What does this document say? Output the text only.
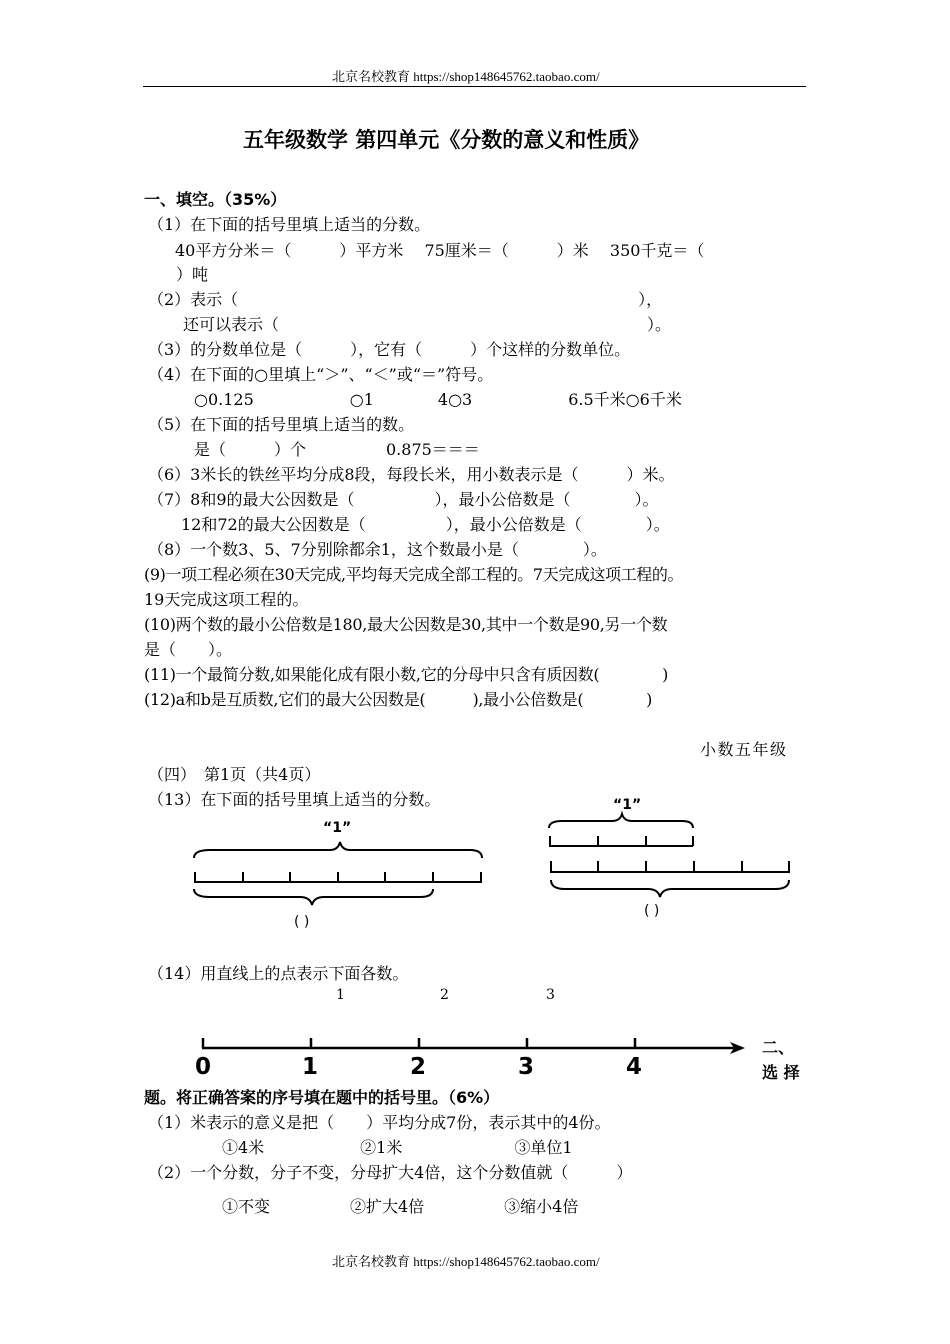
北京名校教育 https://shop148645762.taobao.com/
五年级数学 第四单元《分数的意义和性质》
一、填空。（35%）
（1）在下面的括号里填上适当的分数。
40平方分米＝（　　　）平方米　 75厘米＝（　　　）米　 350千克＝（
）吨
（2）表示（　　　　　　　　　　　　　　　　　　　　　　　　　），
还可以表示（　　　　　　　　　　　　　　　　　　　　　　　）。
（3）的分数单位是（　　　），它有（　　　）个这样的分数单位。
（4）在下面的○里填上“＞”、“＜”或“＝”符号。
○0.125　　　　　　○1　　　　4○3　　　　　　6.5千米○6千米
（5）在下面的括号里填上适当的数。
是（　　　）个　　　　　0.875＝＝＝
（6）3米长的铁丝平均分成8段，每段长米，用小数表示是（　　　）米。
（7）8和9的最大公因数是（　　　　　），最小公倍数是（　　　　）。
12和72的最大公因数是（　　　　　），最小公倍数是（　　　　）。
（8）一个数3、5、7分别除都余1，这个数最小是（　　　　）。
(9)一项工程必须在30天完成,平均每天完成全部工程的。7天完成这项工程的。
19天完成这项工程的。
(10)两个数的最小公倍数是180,最大公因数是30,其中一个数是90,另一个数
是（　　）。
(11)一个最简分数,如果能化成有限小数,它的分母中只含有质因数(　　　　)
(12)a和b是互质数,它们的最大公因数是(　　　),最小公倍数是(　　　　)
小数五年级
（四）　第1页（共4页）
（13）在下面的括号里填上适当的分数。
“1”
( )
“1”
( )
（14）用直线上的点表示下面各数。
1	2	3
0	1	2	3	4
二、
选 择
题。将正确答案的序号填在题中的括号里。（6%）
（1）米表示的意义是把（　　）平均分成7份，表示其中的4份。
①4米　　　　　　②1米　　　　　　　③单位1
（2）一个分数，分子不变，分母扩大4倍，这个分数值就（　　　）
①不变　　　　　②扩大4倍　　　　　③缩小4倍
北京名校教育 https://shop148645762.taobao.com/
